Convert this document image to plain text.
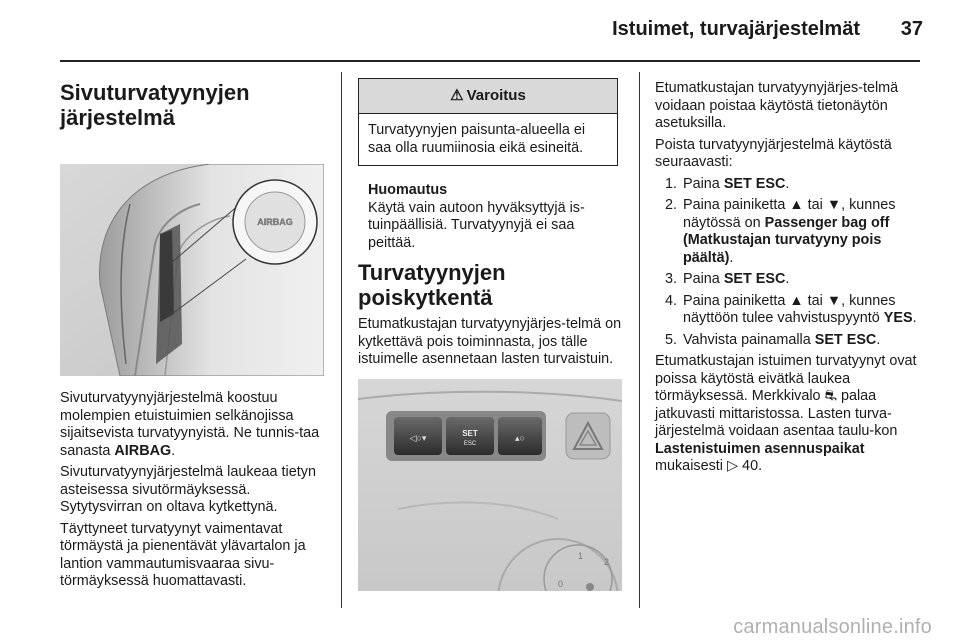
Istuimet, turvajärjestelmät 37
Sivuturvatyynyjen
järjestelmä
AIRBAG

Sivuturvatyynyjärjestelmä koostuu molempien etuistuimien selkänojissa sijaitsevista turvatyynyistä. Ne tunnis-taa sanasta AIRBAG.

Sivuturvatyynyjärjestelmä laukeaa tietyn asteisessa sivutörmäyksessä. Sytytysvirran on oltava kytkettynä.

Täyttyneet turvatyynyt vaimentavat törmäystä ja pienentävät ylävartalon ja lantion vammautumisvaaraa sivu-törmäyksessä huomattavasti.

⚠ Varoitus
Turvatyynyjen paisunta-alueella ei saa olla ruumiinosia eikä esineitä.
Huomautus
Käytä vain autoon hyväksyttyjä is-tuinpäällisiä. Turvatyynyjä ei saa peittää.
Turvatyynyjen
poiskytkentä

Etumatkustajan turvatyynyjärjes-telmä on kytkettävä pois toiminnasta, jos tälle istuimelle asennetaan lasten turvaistuin.

◁○▾	SET
ESC
▴○
2
1
0

Etumatkustajan turvatyynyjärjes-telmä voidaan poistaa käytöstä tietonäytön asetuksilla.

Poista turvatyynyjärjestelmä käytöstä seuraavasti:

1. Paina SET ESC.
2. Paina painiketta ▲ tai ▼, kunnes näytössä on Passenger bag off (Matkustajan turvatyyny pois päältä).
3. Paina SET ESC.
4. Paina painiketta ▲ tai ▼, kunnes näyttöön tulee vahvistuspyyntö YES.
5. Vahvista painamalla SET ESC.

Etumatkustajan istuimen turvatyynyt ovat poissa käytöstä eivätkä laukea törmäyksessä. Merkkivalo ⛐ palaa jatkuvasti mittaristossa. Lasten turva-järjestelmä voidaan asentaa taulu-kon Lastenistuimen asennuspaikat mukaisesti ▷ 40.

carmanualsonline.info
